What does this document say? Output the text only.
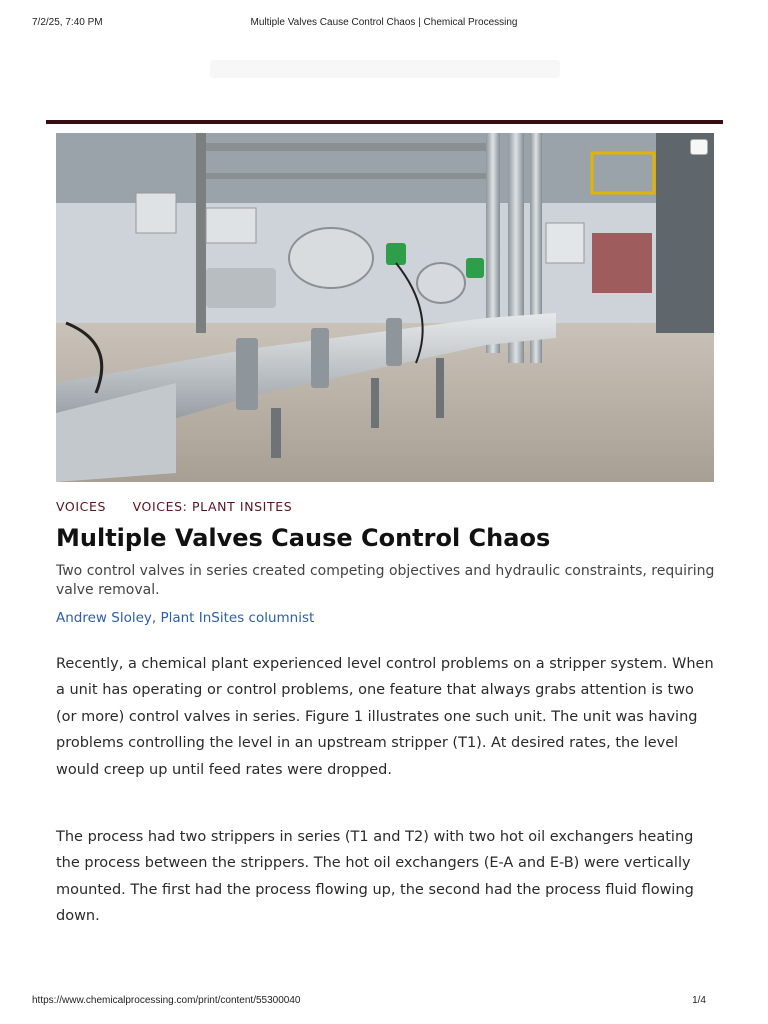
7/2/25, 7:40 PM	Multiple Valves Cause Control Chaos | Chemical Processing
VOICES VOICES: PLANT INSITES
Multiple Valves Cause Control Chaos

Two control valves in series created competing objectives and hydraulic constraints, requiring valve removal.

Andrew Sloley, Plant InSites columnist

Recently, a chemical plant experienced level control problems on a stripper system. When a unit has operating or control problems, one feature that always grabs attention is two (or more) control valves in series. Figure 1 illustrates one such unit. The unit was having problems controlling the level in an upstream stripper (T1). At desired rates, the level would creep up until feed rates were dropped.

The process had two strippers in series (T1 and T2) with two hot oil exchangers heating the process between the strippers. The hot oil exchangers (E-A and E-B) were vertically mounted. The first had the process flowing up, the second had the process fluid flowing down.

https://www.chemicalprocessing.com/print/content/55300040	1/4
